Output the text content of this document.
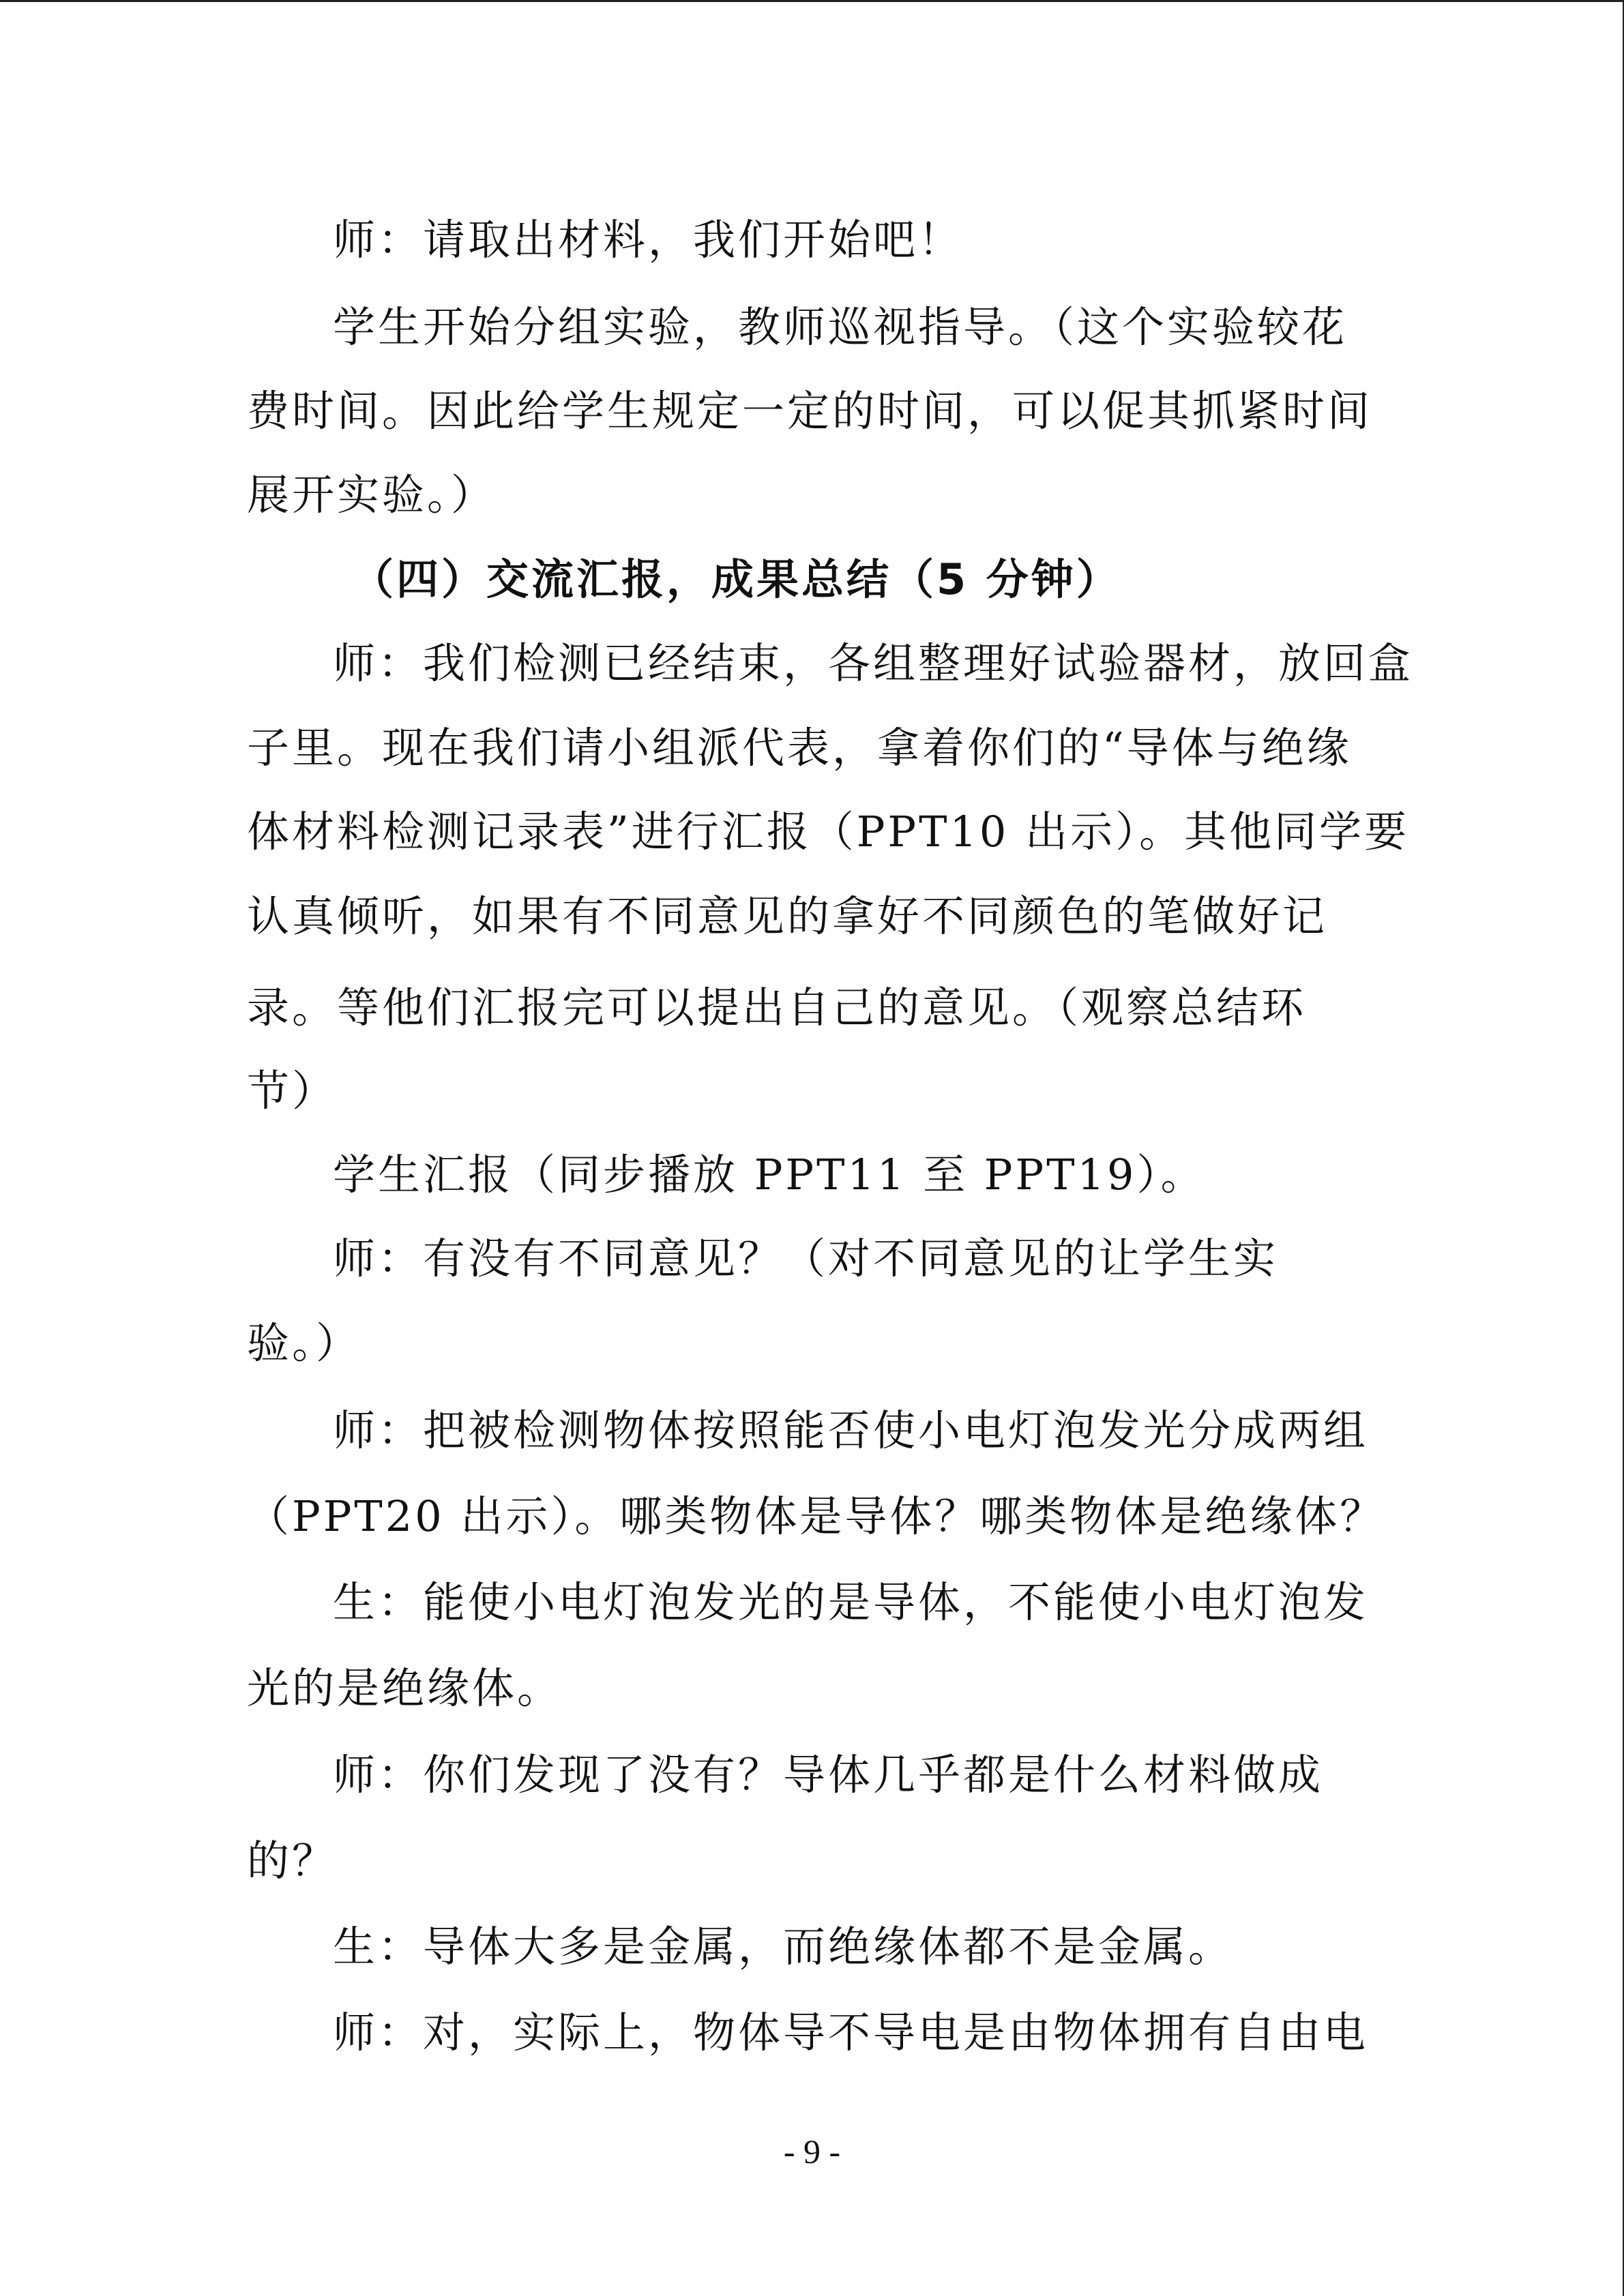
师：请取出材料，我们开始吧！

学生开始分组实验，教师巡视指导。（这个实验较花

费时间。因此给学生规定一定的时间，可以促其抓紧时间

展开实验。）

（四）交流汇报，成果总结（5 分钟）

师：我们检测已经结束，各组整理好试验器材，放回盒

子里。现在我们请小组派代表，拿着你们的“导体与绝缘

体材料检测记录表”进行汇报（PPT10 出示）。其他同学要

认真倾听，如果有不同意见的拿好不同颜色的笔做好记

录。等他们汇报完可以提出自己的意见。（观察总结环

节）

学生汇报（同步播放 PPT11 至 PPT19）。

师：有没有不同意见？（对不同意见的让学生实

验。）

师：把被检测物体按照能否使小电灯泡发光分成两组

（PPT20 出示）。哪类物体是导体？哪类物体是绝缘体？

生：能使小电灯泡发光的是导体，不能使小电灯泡发

光的是绝缘体。

师：你们发现了没有？导体几乎都是什么材料做成

的？

生：导体大多是金属，而绝缘体都不是金属。

师：对，实际上，物体导不导电是由物体拥有自由电

- 9 -
